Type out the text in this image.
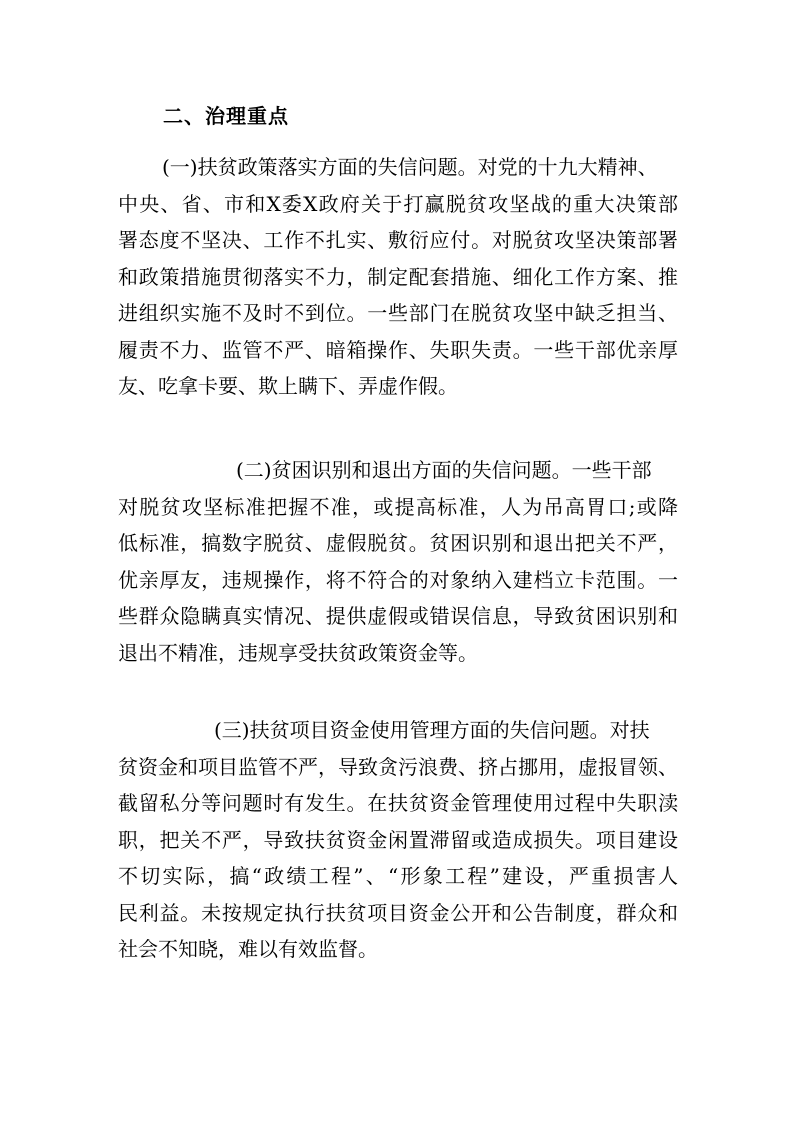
二、治理重点
(一)扶贫政策落实方面的失信问题。对党的十九大精神、
中央、省、市和X委X政府关于打赢脱贫攻坚战的重大决策部
署态度不坚决、工作不扎实、敷衍应付。对脱贫攻坚决策部署
和政策措施贯彻落实不力，制定配套措施、细化工作方案、推
进组织实施不及时不到位。一些部门在脱贫攻坚中缺乏担当、
履责不力、监管不严、暗箱操作、失职失责。一些干部优亲厚
友、吃拿卡要、欺上瞒下、弄虚作假。
(二)贫困识别和退出方面的失信问题。一些干部
对脱贫攻坚标准把握不准，或提高标准，人为吊高胃口;或降
低标准，搞数字脱贫、虚假脱贫。贫困识别和退出把关不严，
优亲厚友，违规操作，将不符合的对象纳入建档立卡范围。一
些群众隐瞒真实情况、提供虚假或错误信息，导致贫困识别和
退出不精准，违规享受扶贫政策资金等。
(三)扶贫项目资金使用管理方面的失信问题。对扶
贫资金和项目监管不严，导致贪污浪费、挤占挪用，虚报冒领、
截留私分等问题时有发生。在扶贫资金管理使用过程中失职渎
职，把关不严，导致扶贫资金闲置滞留或造成损失。项目建设
不切实际，搞“政绩工程”、“形象工程”建设，严重损害人
民利益。未按规定执行扶贫项目资金公开和公告制度，群众和
社会不知晓，难以有效监督。
